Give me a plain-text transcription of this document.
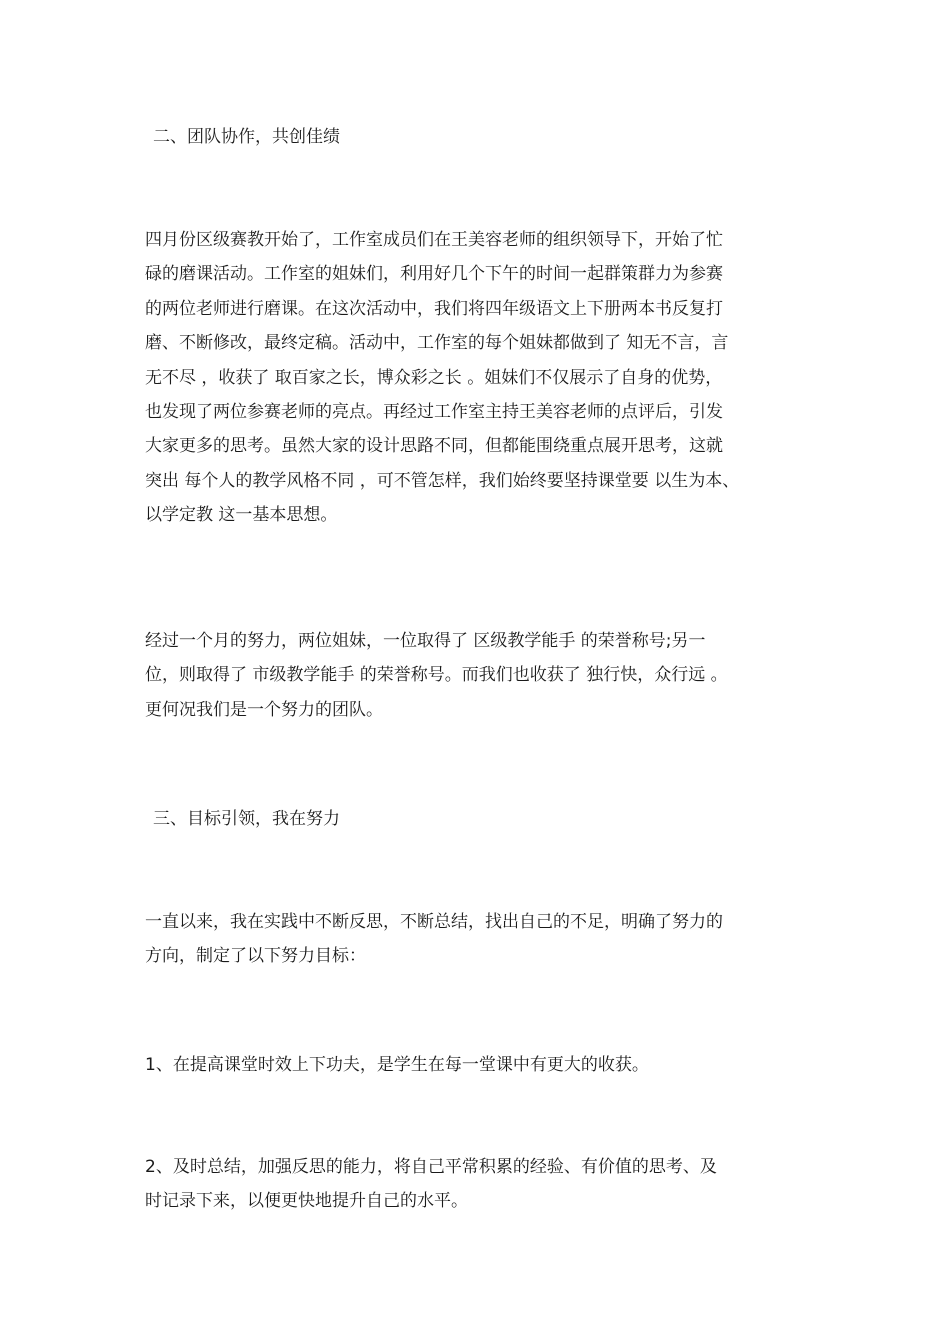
二、团队协作，共创佳绩
四月份区级赛教开始了，工作室成员们在王美容老师的组织领导下，开始了忙
碌的磨课活动。工作室的姐妹们，利用好几个下午的时间一起群策群力为参赛
的两位老师进行磨课。在这次活动中，我们将四年级语文上下册两本书反复打
磨、不断修改，最终定稿。活动中，工作室的每个姐妹都做到了 知无不言，言
无不尽 ，收获了 取百家之长，博众彩之长 。姐妹们不仅展示了自身的优势，
也发现了两位参赛老师的亮点。再经过工作室主持王美容老师的点评后，引发
大家更多的思考。虽然大家的设计思路不同，但都能围绕重点展开思考，这就
突出 每个人的教学风格不同 ，可不管怎样，我们始终要坚持课堂要 以生为本、
以学定教 这一基本思想。
经过一个月的努力，两位姐妹，一位取得了 区级教学能手 的荣誉称号;另一
位，则取得了 市级教学能手 的荣誉称号。而我们也收获了 独行快，众行远 。
更何况我们是一个努力的团队。
三、目标引领，我在努力
一直以来，我在实践中不断反思，不断总结，找出自己的不足，明确了努力的
方向，制定了以下努力目标：
1、在提高课堂时效上下功夫，是学生在每一堂课中有更大的收获。
2、及时总结，加强反思的能力，将自己平常积累的经验、有价值的思考、及
时记录下来，以便更快地提升自己的水平。
